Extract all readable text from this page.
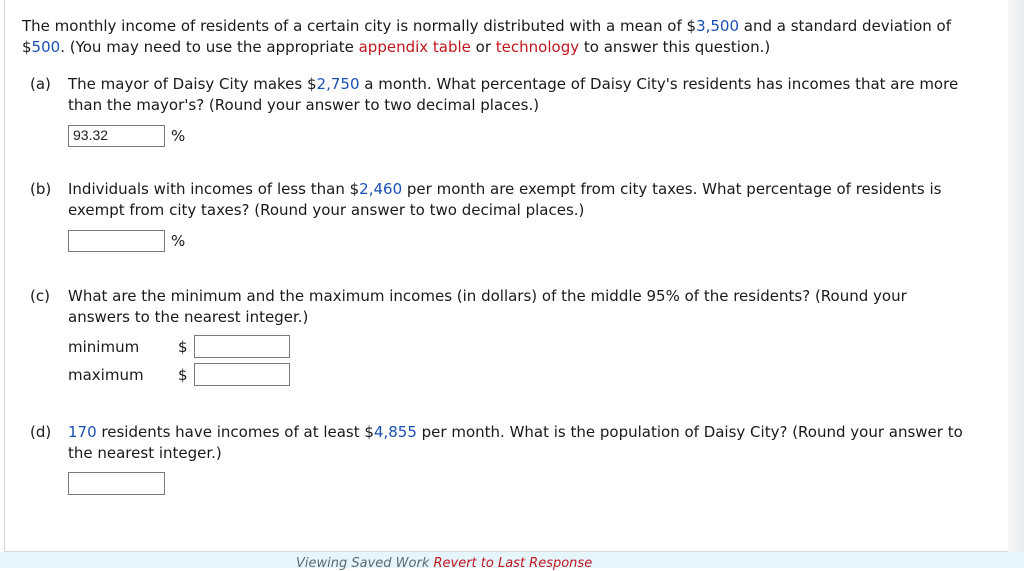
The monthly income of residents of a certain city is normally distributed with a mean of $3,500 and a standard deviation of
$500. (You may need to use the appropriate appendix table or technology to answer this question.)
(a) The mayor of Daisy City makes $2,750 a month. What percentage of Daisy City's residents has incomes that are more
than the mayor's? (Round your answer to two decimal places.)
93.32	%
(b) Individuals with incomes of less than $2,460 per month are exempt from city taxes. What percentage of residents is
exempt from city taxes? (Round your answer to two decimal places.)
%
(c) What are the minimum and the maximum incomes (in dollars) of the middle 95% of the residents? (Round your
answers to the nearest integer.)
minimum	$
maximum $
(d) 170 residents have incomes of at least $4,855 per month. What is the population of Daisy City? (Round your answer to
the nearest integer.)
Viewing Saved Work Revert to Last Response
